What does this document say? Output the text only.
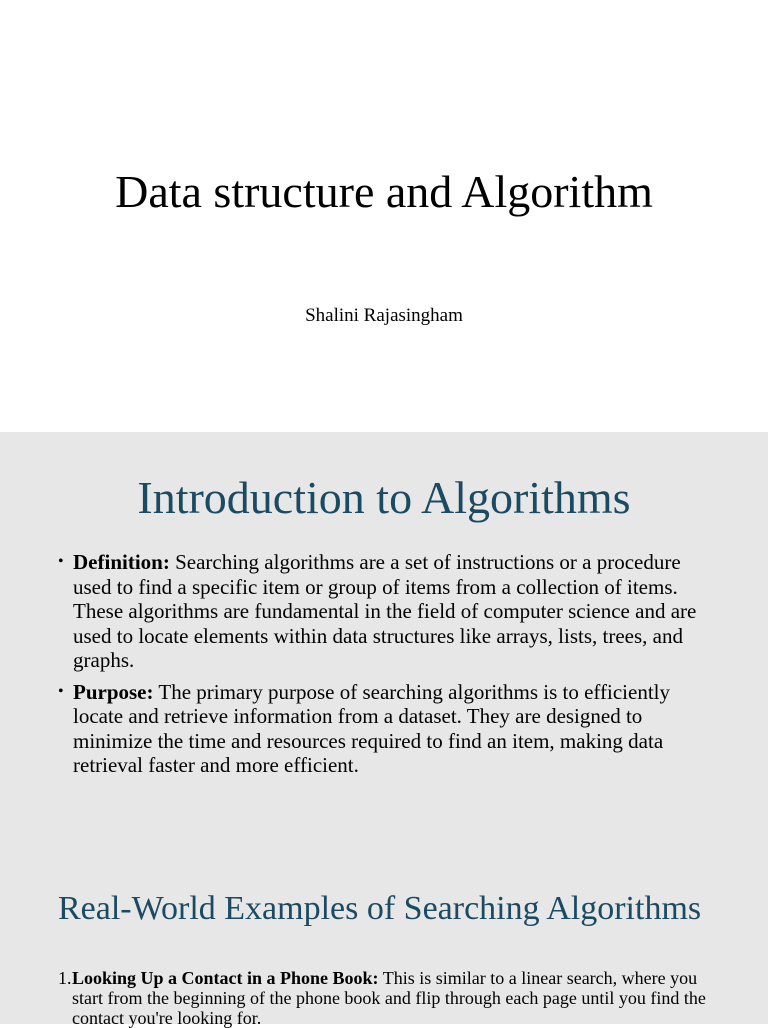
Data structure and Algorithm
Shalini Rajasingham
Introduction to Algorithms
• Definition: Searching algorithms are a set of instructions or a procedure used to find a specific item or group of items from a collection of items. These algorithms are fundamental in the field of computer science and are used to locate elements within data structures like arrays, lists, trees, and graphs.
• Purpose: The primary purpose of searching algorithms is to efficiently locate and retrieve information from a dataset. They are designed to minimize the time and resources required to find an item, making data retrieval faster and more efficient.
Real-World Examples of Searching Algorithms
1. Looking Up a Contact in a Phone Book: This is similar to a linear search, where you start from the beginning of the phone book and flip through each page until you find the contact you're looking for.
